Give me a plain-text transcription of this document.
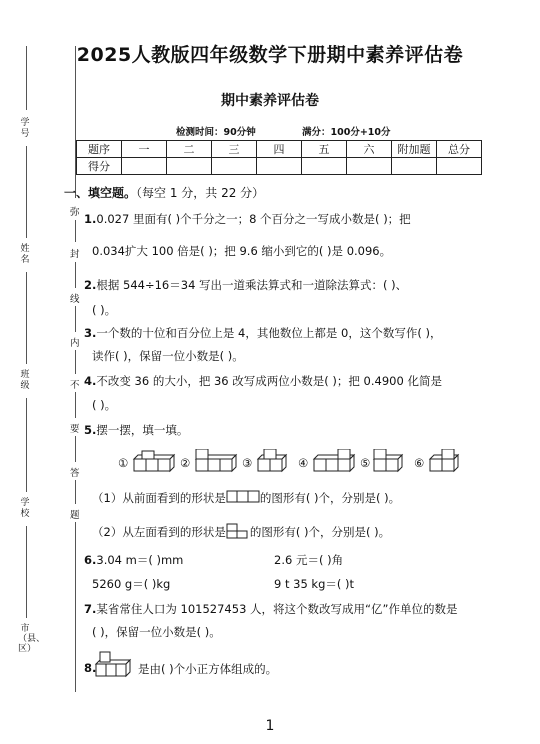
2025人教版四年级数学下册期中素养评估卷
期中素养评估卷
检测时间：90分钟	满分：100分+10分
题序	一	二	三	四	五	六	附加题	总分
得分								
学号
姓名
班级
学校
市（县、区）
弥
封
线
内
不
要
答
题
一、填空题。（每空 1 分，共 22 分）
1.0.027 里面有( )个千分之一；8 个百分之一写成小数是( )；把
0.034扩大 100 倍是( )；把 9.6 缩小到它的( )是 0.096。
2.根据 544÷16＝34 写出一道乘法算式和一道除法算式：( )、
( )。
3.一个数的十位和百分位上是 4，其他数位上都是 0，这个数写作( )，
读作( )，保留一位小数是( )。
4.不改变 36 的大小，把 36 改写成两位小数是( )；把 0.4900 化简是
( )。
5.摆一摆，填一填。
①	②	③	④	⑤	⑥
（1）从前面看到的形状是	的图形有( )个，分别是( )。
（2）从左面看到的形状是 的图形有( )个，分别是( )。
6.3.04 m＝( )mm	2.6 元＝( )角
5260 g＝( )kg	9 t 35 kg＝( )t
7.某省常住人口为 101527453 人，将这个数改写成用“亿”作单位的数是
( )，保留一位小数是( )。
8.	是由( )个小正方体组成的。
1
